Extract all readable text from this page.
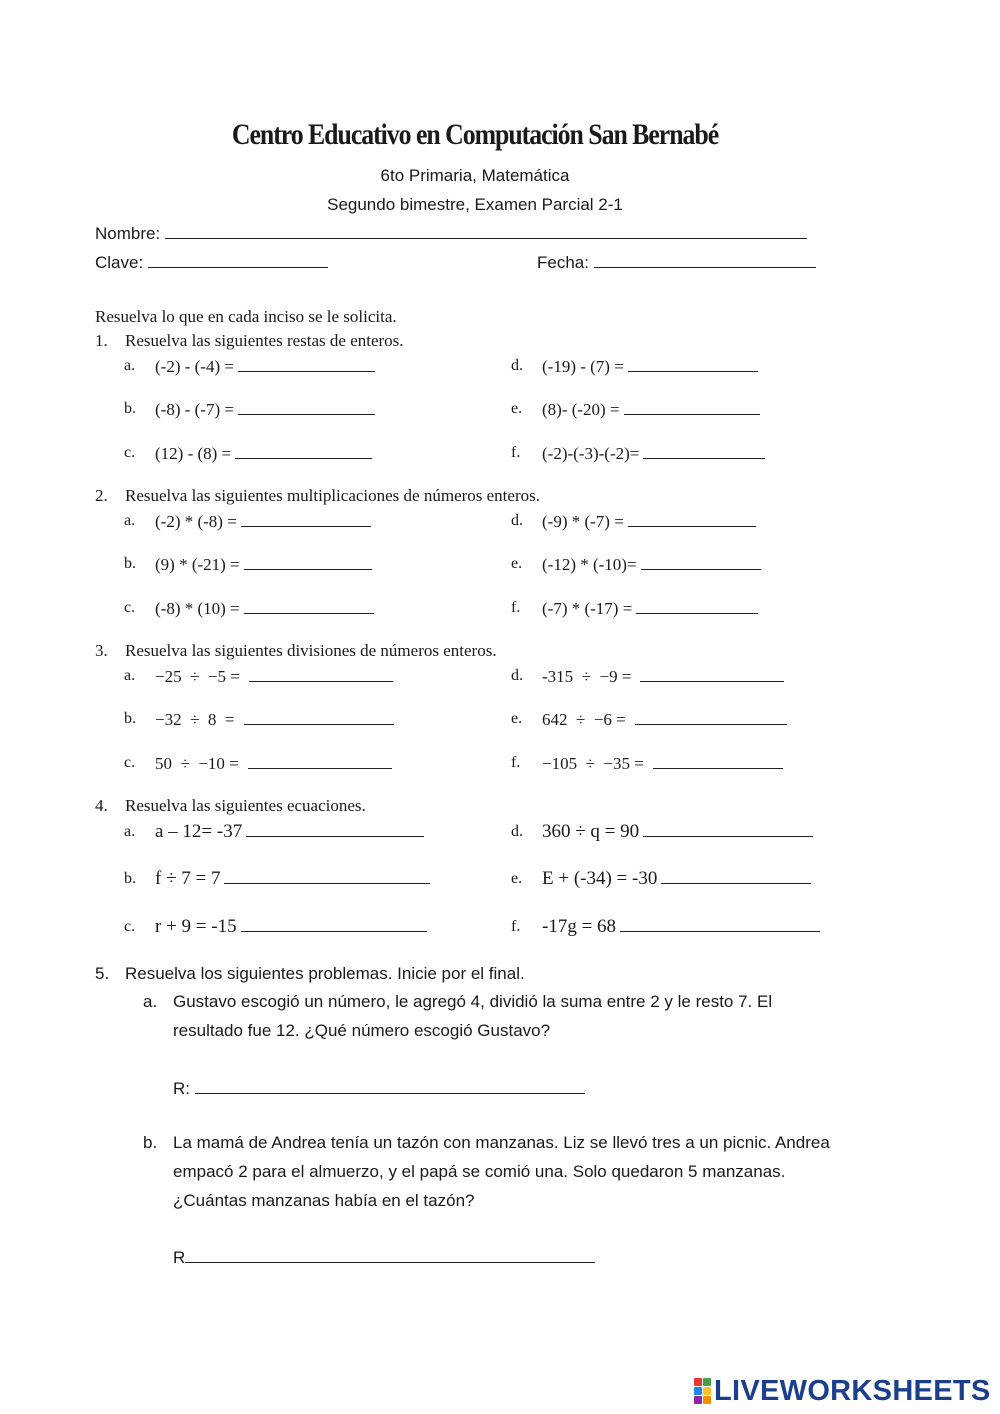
Centro Educativo en Computación San Bernabé
6to Primaria, Matemática
Segundo bimestre, Examen Parcial 2-1
Nombre:
Clave:	Fecha:
Resuelva lo que en cada inciso se le solicita.
1. Resuelva las siguientes restas de enteros.
a. (-2) - (-4) =
b. (-8) - (-7) =
c. (12) - (8) =
d. (-19) - (7) =
e. (8)- (-20) =
f. (-2)-(-3)-(-2)=
2. Resuelva las siguientes multiplicaciones de números enteros.
a. (-2) * (-8) =
b. (9) * (-21) =
c. (-8) * (10) =
d. (-9) * (-7) =
e. (-12) * (-10)=
f. (-7) * (-17) =
3. Resuelva las siguientes divisiones de números enteros.
a. −25  ÷  −5 =
b. −32  ÷  8  =
c. 50  ÷  −10 =
d. -315  ÷  −9 =
e. 642  ÷  −6 =
f. −105  ÷  −35 =
4. Resuelva las siguientes ecuaciones.
a. a – 12= -37
b. f ÷ 7 = 7
c. r + 9 = -15
d. 360 ÷ q = 90
e. E + (-34) = -30
f. -17g = 68
5. Resuelva los siguientes problemas. Inicie por el final.
a. Gustavo escogió un número, le agregó 4, dividió la suma entre 2 y le resto 7. El resultado fue 12. ¿Qué número escogió Gustavo?
R:
b. La mamá de Andrea tenía un tazón con manzanas. Liz se llevó tres a un picnic. Andrea empacó 2 para el almuerzo, y el papá se comió una. Solo quedaron 5 manzanas. ¿Cuántas manzanas había en el tazón?
R
LIVEWORKSHEETS
